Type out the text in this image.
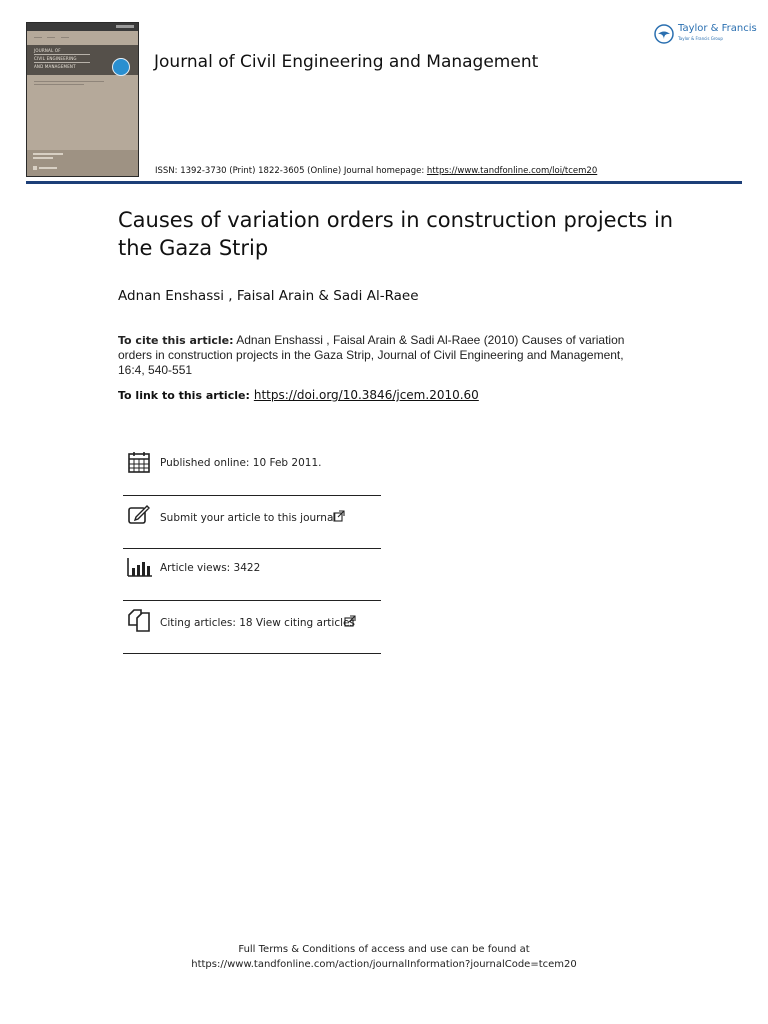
JOURNAL OF
CIVIL ENGINEERING
AND MANAGEMENT	Journal of Civil Engineering and Management
Taylor & Francis
Taylor & Francis Group
ISSN: 1392-3730 (Print) 1822-3605 (Online) Journal homepage: https://www.tandfonline.com/loi/tcem20
Causes of variation orders in construction projects in the Gaza Strip
Adnan Enshassi , Faisal Arain & Sadi Al-Raee
To cite this article: Adnan Enshassi , Faisal Arain & Sadi Al-Raee (2010) Causes of variation orders in construction projects in the Gaza Strip, Journal of Civil Engineering and Management, 16:4, 540-551
To link to this article: https://doi.org/10.3846/jcem.2010.60
Published online: 10 Feb 2011.
Submit your article to this journal
Article views: 3422
Citing articles: 18 View citing articles
Full Terms & Conditions of access and use can be found at
https://www.tandfonline.com/action/journalInformation?journalCode=tcem20
